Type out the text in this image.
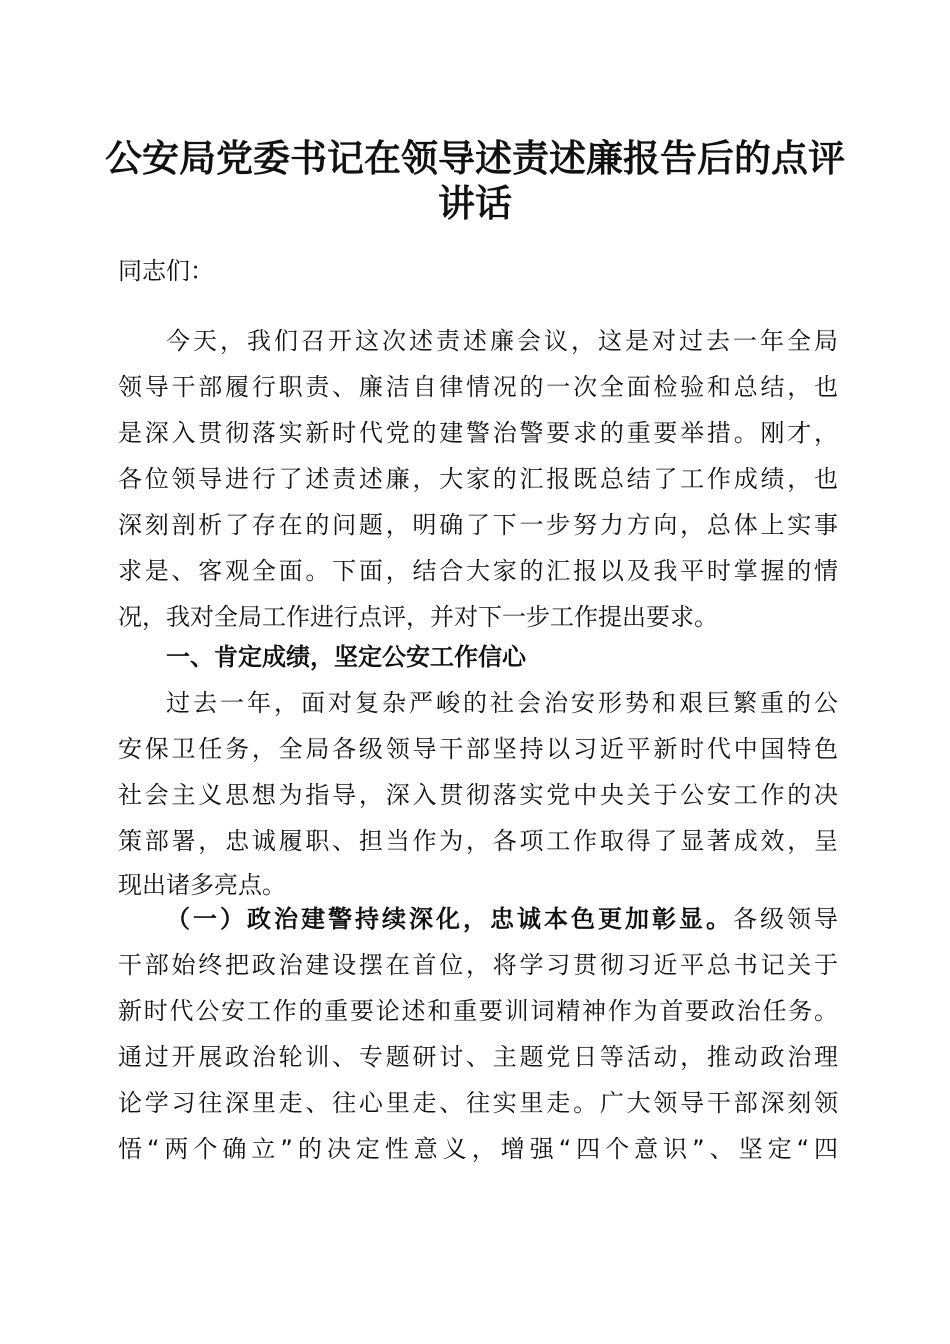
公安局党委书记在领导述责述廉报告后的点评
讲话

同志们：

今天，我们召开这次述责述廉会议，这是对过去一年全局

领导干部履行职责、廉洁自律情况的一次全面检验和总结，也

是深入贯彻落实新时代党的建警治警要求的重要举措。刚才，

各位领导进行了述责述廉，大家的汇报既总结了工作成绩，也

深刻剖析了存在的问题，明确了下一步努力方向，总体上实事

求是、客观全面。下面，结合大家的汇报以及我平时掌握的情

况，我对全局工作进行点评，并对下一步工作提出要求。

一、肯定成绩，坚定公安工作信心

过去一年，面对复杂严峻的社会治安形势和艰巨繁重的公

安保卫任务，全局各级领导干部坚持以习近平新时代中国特色

社会主义思想为指导，深入贯彻落实党中央关于公安工作的决

策部署，忠诚履职、担当作为，各项工作取得了显著成效，呈

现出诸多亮点。

（一）政治建警持续深化，忠诚本色更加彰显。各级领导

干部始终把政治建设摆在首位，将学习贯彻习近平总书记关于

新时代公安工作的重要论述和重要训词精神作为首要政治任务。

通过开展政治轮训、专题研讨、主题党日等活动，推动政治理

论学习往深里走、往心里走、往实里走。广大领导干部深刻领

悟“两个确立”的决定性意义，增强“四个意识”、坚定“四
